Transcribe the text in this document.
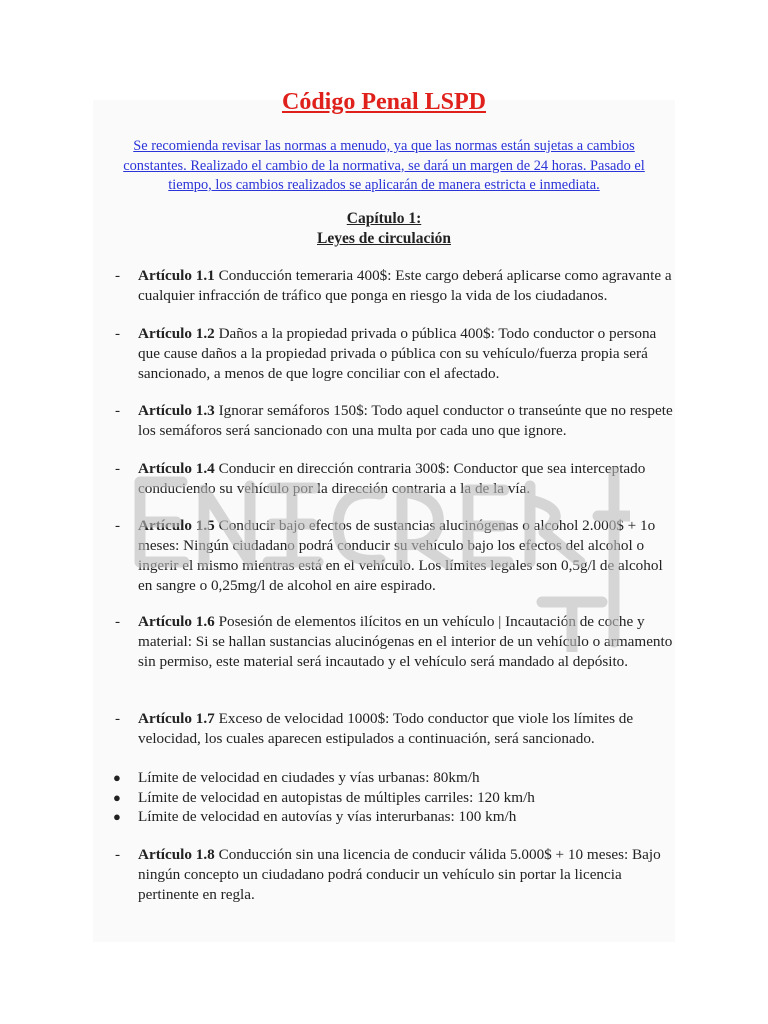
Código Penal LSPD

Se recomienda revisar las normas a menudo, ya que las normas están sujetas a cambios constantes. Realizado el cambio de la normativa, se dará un margen de 24 horas. Pasado el tiempo, los cambios realizados se aplicarán de manera estricta e inmediata.

Capítulo 1:
Leyes de circulación

- Artículo 1.1 Conducción temeraria 400$: Este cargo deberá aplicarse como agravante a cualquier infracción de tráfico que ponga en riesgo la vida de los ciudadanos.

- Artículo 1.2 Daños a la propiedad privada o pública 400$: Todo conductor o persona que cause daños a la propiedad privada o pública con su vehículo/fuerza propia será sancionado, a menos de que logre conciliar con el afectado.

- Artículo 1.3 Ignorar semáforos 150$: Todo aquel conductor o transeúnte que no respete los semáforos será sancionado con una multa por cada uno que ignore.

- Artículo 1.4 Conducir en dirección contraria 300$: Conductor que sea interceptado conduciendo su vehículo por la dirección contraria a la de la vía.

- Artículo 1.5 Conducir bajo efectos de sustancias alucinógenas o alcohol 2.000$ + 1o meses: Ningún ciudadano podrá conducir su vehículo bajo los efectos del alcohol o ingerir el mismo mientras está en el vehículo. Los límites legales son 0,5g/l de alcohol en sangre o 0,25mg/l de alcohol en aire espirado.

- Artículo 1.6 Posesión de elementos ilícitos en un vehículo | Incautación de coche y material: Si se hallan sustancias alucinógenas en el interior de un vehículo o armamento sin permiso, este material será incautado y el vehículo será mandado al depósito.

- Artículo 1.7 Exceso de velocidad 1000$: Todo conductor que viole los límites de velocidad, los cuales aparecen estipulados a continuación, será sancionado.

● Límite de velocidad en ciudades y vías urbanas: 80km/h
● Límite de velocidad en autopistas de múltiples carriles: 120 km/h
● Límite de velocidad en autovías y vías interurbanas: 100 km/h

- Artículo 1.8 Conducción sin una licencia de conducir válida 5.000$ + 10 meses: Bajo ningún concepto un ciudadano podrá conducir un vehículo sin portar la licencia pertinente en regla.
